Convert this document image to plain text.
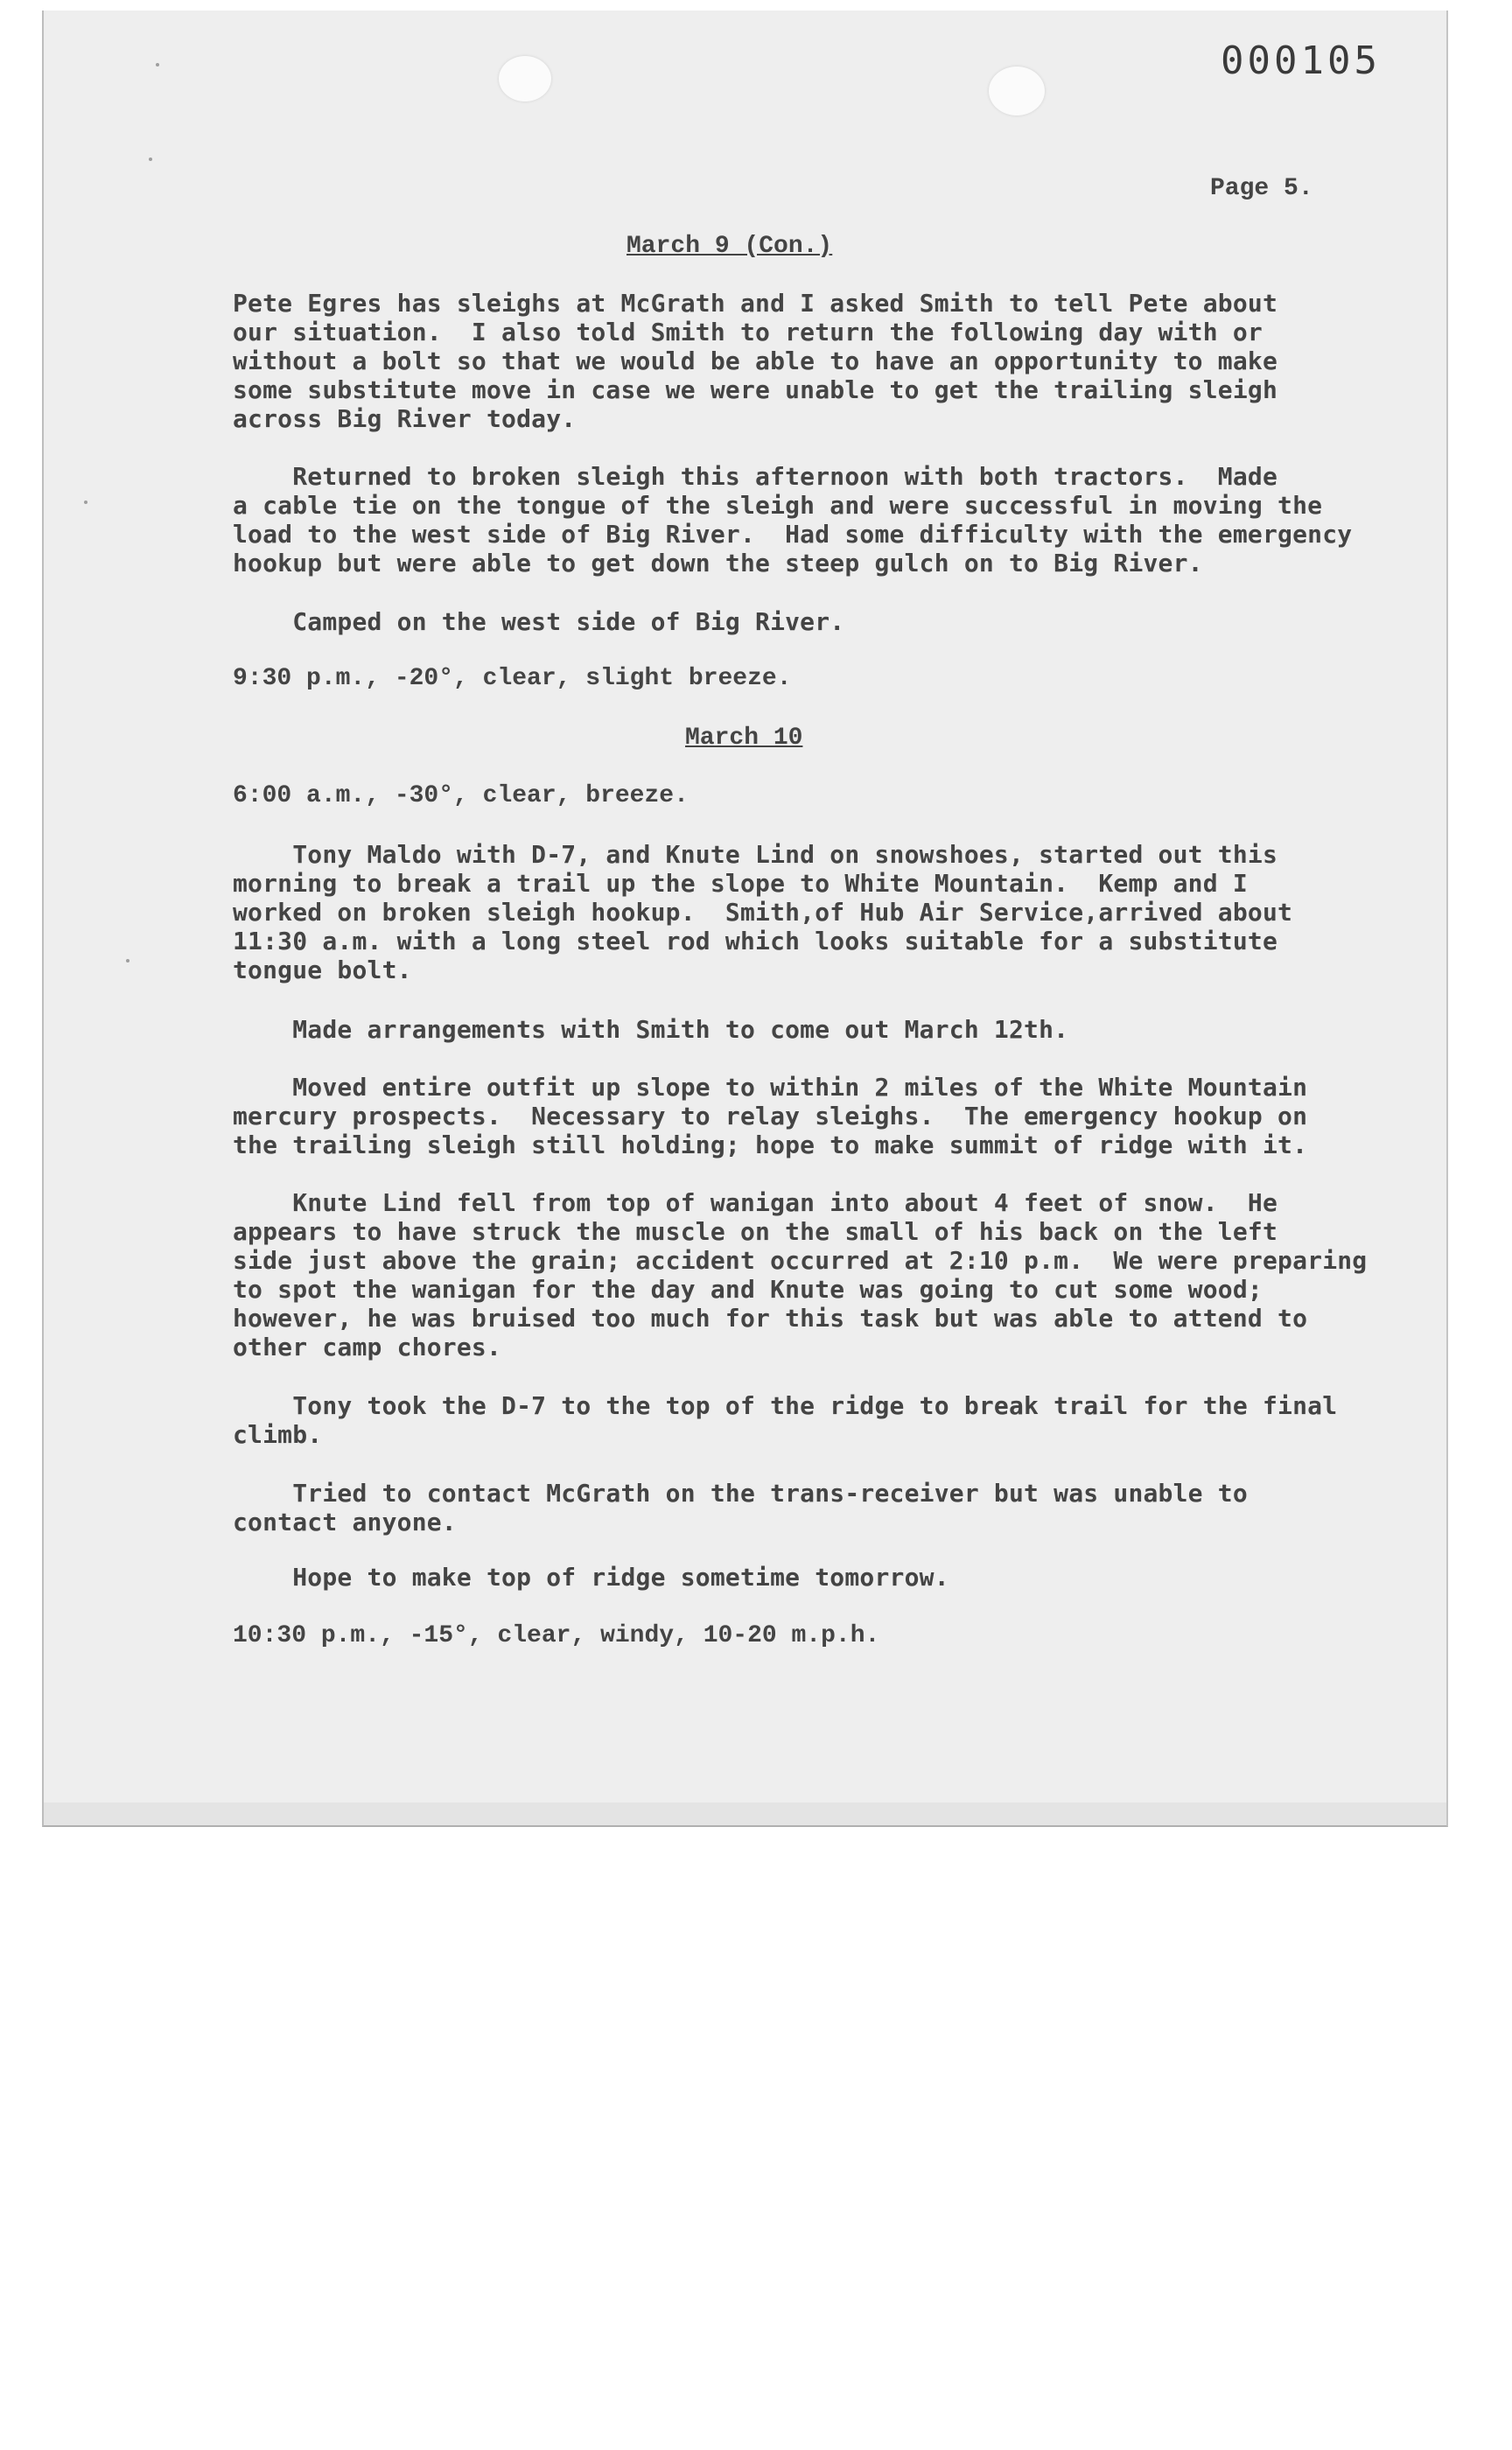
000105
Page 5.
March 9 (Con.)
Pete Egres has sleighs at McGrath and I asked Smith to tell Pete about
our situation.  I also told Smith to return the following day with or
without a bolt so that we would be able to have an opportunity to make
some substitute move in case we were unable to get the trailing sleigh
across Big River today.
Returned to broken sleigh this afternoon with both tractors.  Made
a cable tie on the tongue of the sleigh and were successful in moving the
load to the west side of Big River.  Had some difficulty with the emergency
hookup but were able to get down the steep gulch on to Big River.
Camped on the west side of Big River.
9:30 p.m., -20°, clear, slight breeze.
March 10
6:00 a.m., -30°, clear, breeze.
Tony Maldo with D-7, and Knute Lind on snowshoes, started out this
morning to break a trail up the slope to White Mountain.  Kemp and I
worked on broken sleigh hookup.  Smith,of Hub Air Service,arrived about
11:30 a.m. with a long steel rod which looks suitable for a substitute
tongue bolt.
Made arrangements with Smith to come out March 12th.
Moved entire outfit up slope to within 2 miles of the White Mountain
mercury prospects.  Necessary to relay sleighs.  The emergency hookup on
the trailing sleigh still holding; hope to make summit of ridge with it.
Knute Lind fell from top of wanigan into about 4 feet of snow.  He
appears to have struck the muscle on the small of his back on the left
side just above the grain; accident occurred at 2:10 p.m.  We were preparing
to spot the wanigan for the day and Knute was going to cut some wood;
however, he was bruised too much for this task but was able to attend to
other camp chores.
Tony took the D-7 to the top of the ridge to break trail for the final
climb.
Tried to contact McGrath on the trans-receiver but was unable to
contact anyone.
Hope to make top of ridge sometime tomorrow.
10:30 p.m., -15°, clear, windy, 10-20 m.p.h.
